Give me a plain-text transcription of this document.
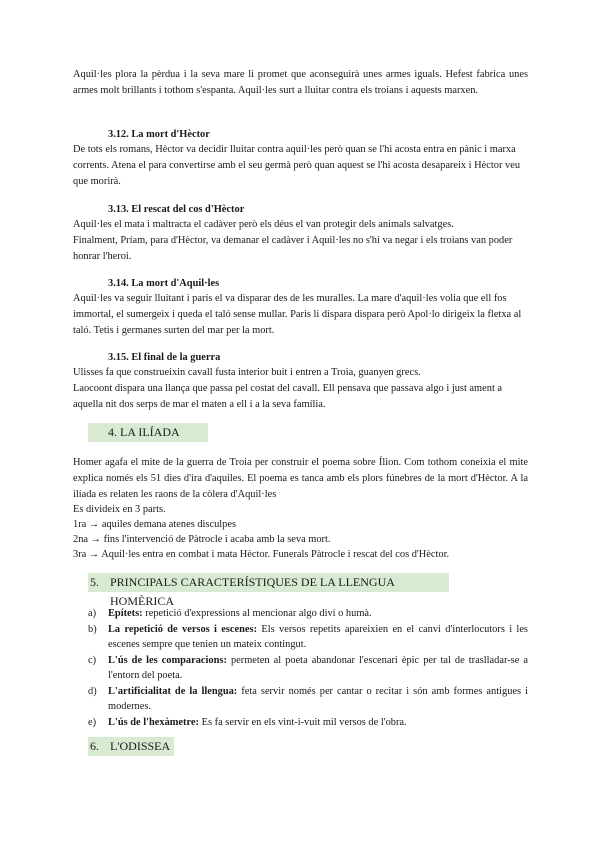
Aquil·les plora la pèrdua i la seva mare li promet que aconseguirà unes armes iguals. Hefest fabrica unes armes molt brillants i tothom s'espanta. Aquil·les surt a lluitar contra els troians i aquests marxen.

3.12. La mort d'Hèctor

De tots els romans, Hèctor va decidir lluitar contra aquil·les però quan se l'hi acosta entra en pànic i marxa corrents. Atena el para convertirse amb el seu germà però quan aquest se l'hi acosta desapareix i Hèctor veu que morirà.

3.13. El rescat del cos d'Hèctor

Aquil·les el mata i maltracta el cadàver però els déus el van protegir dels animals salvatges.
Finalment, Príam, para d'Hèctor, va demanar el cadàver i Aquil·les no s'hi va negar i els troians van poder honrar l'heroi.

3.14. La mort d'Aquil·les

Aquil·les va seguir lluitant i parís el va disparar des de les muralles. La mare d'aquil·les volia que ell fos immortal, el sumergeix i queda el taló sense mullar. Paris li dispara dispara però Apol·lo dirigeix la fletxa al taló. Tetis i germanes surten del mar per la mort.

3.15. El final de la guerra

Ulisses fa que construeixin cavall fusta interior buit i entren a Troia, guanyen grecs.
Laocoont dispara una llança que passa pel costat del cavall. Ell pensava que passava algo i just ament a aquella nit dos serps de mar el maten a ell i a la seva família.

4. LA ILÍADA

Homer agafa el mite de la guerra de Troia per construir el poema sobre Ílion. Com tothom coneixia el mite explica només els 51 dies d'ira d'aquiles. El poema es tanca amb els plors fúnebres de la mort d'Hèctor. A la ilíada es relaten les raons de la còlera d'Aquil·les

Es divideix en 3 parts.

1ra → aquiles demana atenes disculpes

2na → fins l'intervenció de Pàtrocle i acaba amb la seva mort.

3ra → Aquil·les entra en combat i mata Hèctor. Funerals Pàtrocle i rescat del cos d'Hèctor.

5. PRINCIPALS CARACTERÍSTIQUES DE LA LLENGUA HOMÈRICA
a) Epítets: repetició d'expressions al mencionar algo diví o humà.
b) La repetició de versos i escenes: Els versos repetits apareixien en el canvi d'interlocutors i les escenes sempre que tenien un mateix contingut.
c) L'ús de les comparacions: permeten al poeta abandonar l'escenari èpic per tal de traslladar-se a l'entorn del poeta.
d) L'artificialitat de la llengua: feta servir només per cantar o recitar i són amb formes antigues i modernes.
e) L'ús de l'hexàmetre: Es fa servir en els vint-i-vuit mil versos de l'obra.
6. L'ODISSEA
